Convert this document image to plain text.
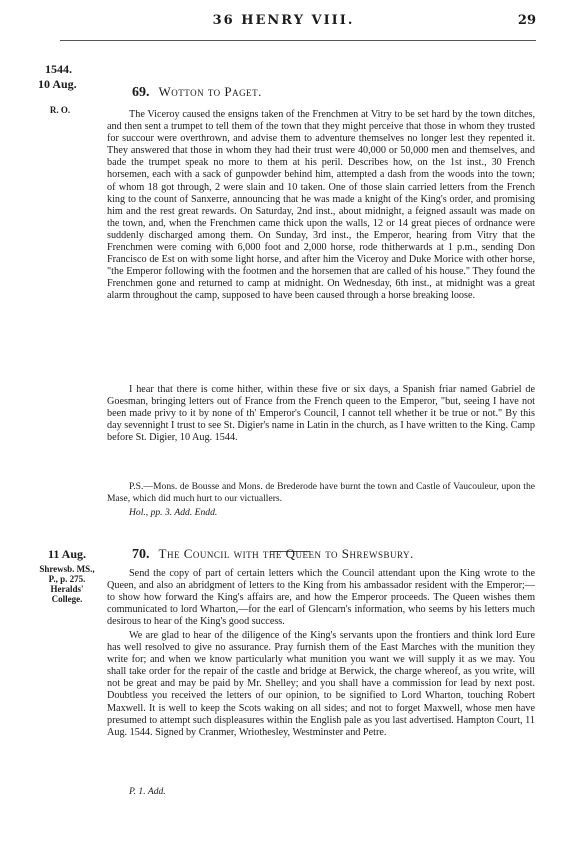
36 HENRY VIII.	29
1544.
10 Aug.
R. O.
69. Wotton to Paget.

The Viceroy caused the ensigns taken of the Frenchmen at Vitry to be set hard by the town ditches, and then sent a trumpet to tell them of the town that they might perceive that those in whom they trusted for succour were overthrown, and advise them to adventure themselves no longer lest they repented it. They answered that those in whom they had their trust were 40,000 or 50,000 men and themselves, and bade the trumpet speak no more to them at his peril. Describes how, on the 1st inst., 30 French horsemen, each with a sack of gunpowder behind him, attempted a dash from the woods into the town; of whom 18 got through, 2 were slain and 10 taken. One of those slain carried letters from the French king to the count of Sanxerre, announcing that he was made a knight of the King's order, and promising him and the rest great rewards. On Saturday, 2nd inst., about midnight, a feigned assault was made on the town, and, when the Frenchmen came thick upon the walls, 12 or 14 great pieces of ordnance were suddenly discharged among them. On Sunday, 3rd inst., the Emperor, hearing from Vitry that the Frenchmen were coming with 6,000 foot and 2,000 horse, rode thitherwards at 1 p.m., sending Don Francisco de Est on with some light horse, and after him the Viceroy and Duke Morice with other horse, "the Emperor following with the footmen and the horsemen that are called of his house." They found the Frenchmen gone and returned to camp at midnight. On Wednesday, 6th inst., at midnight was a great alarm throughout the camp, supposed to have been caused through a horse breaking loose.

I hear that there is come hither, within these five or six days, a Spanish friar named Gabriel de Goesman, bringing letters out of France from the French queen to the Emperor, "but, seeing I have not been made privy to it by none of th' Emperor's Council, I cannot tell whether it be true or not." By this day sevennight I trust to see St. Digier's name in Latin in the church, as I have written to the King. Camp before St. Digier, 10 Aug. 1544.

P.S.—Mons. de Bousse and Mons. de Brederode have burnt the town and Castle of Vaucouleur, upon the Mase, which did much hurt to our victuallers.

Hol., pp. 3. Add. Endd.
11 Aug.
Shrewsb. MS., P., p. 275. Heralds' College.
70. The Council with the Queen to Shrewsbury.

Send the copy of part of certain letters which the Council attendant upon the King wrote to the Queen, and also an abridgment of letters to the King from his ambassador resident with the Emperor;—to show how forward the King's affairs are, and how the Emperor proceeds. The Queen wishes them communicated to lord Wharton,—for the earl of Glencarn's information, who seems by his letters much desirous to hear of the King's good success.

We are glad to hear of the diligence of the King's servants upon the frontiers and think lord Eure has well resolved to give no assurance. Pray furnish them of the East Marches with the munition they write for; and when we know particularly what munition you want we will supply it as we may. You shall take order for the repair of the castle and bridge at Berwick, the charge whereof, as you write, will not be great and may be paid by Mr. Shelley; and you shall have a commission for lead by next post. Doubtless you received the letters of our opinion, to be signified to Lord Wharton, touching Robert Maxwell. It is well to keep the Scots waking on all sides; and not to forget Maxwell, whose men have presumed to attempt such displeasures within the English pale as you last advertised. Hampton Court, 11 Aug. 1544. Signed by Cranmer, Wriothesley, Westminster and Petre.

P. 1. Add.
